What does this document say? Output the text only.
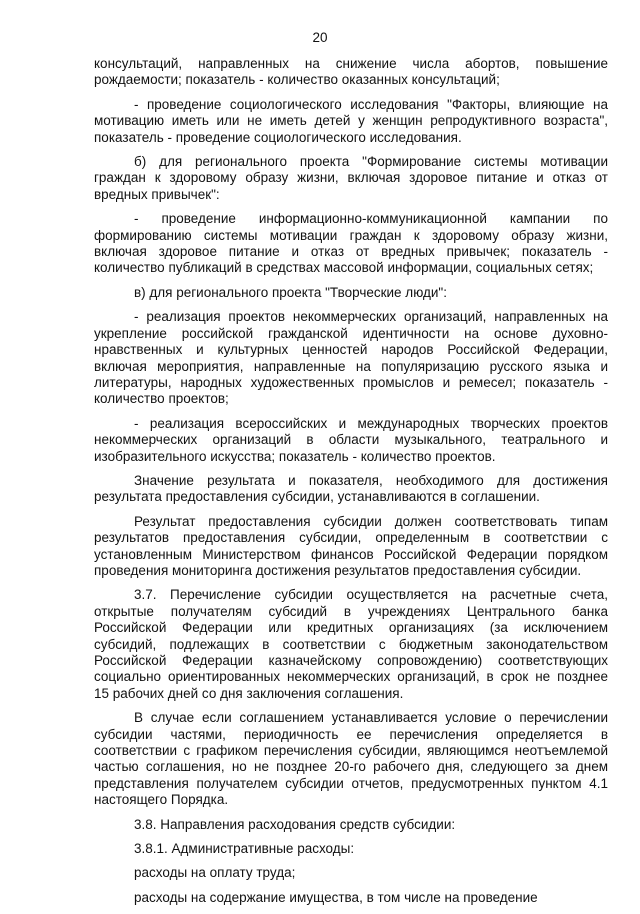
20
консультаций, направленных на снижение числа абортов, повышение
рождаемости; показатель - количество оказанных консультаций;
- проведение социологического исследования "Факторы, влияющие на
мотивацию иметь или не иметь детей у женщин репродуктивного возраста",
показатель - проведение социологического исследования.
б) для регионального проекта "Формирование системы мотивации
граждан к здоровому образу жизни, включая здоровое питание и отказ от
вредных привычек":
- проведение информационно-коммуникационной кампании по
формированию системы мотивации граждан к здоровому образу жизни,
включая здоровое питание и отказ от вредных привычек; показатель -
количество публикаций в средствах массовой информации, социальных сетях;
в) для регионального проекта "Творческие люди":
- реализация проектов некоммерческих организаций, направленных на
укрепление российской гражданской идентичности на основе духовно-
нравственных и культурных ценностей народов Российской Федерации,
включая мероприятия, направленные на популяризацию русского языка и
литературы, народных художественных промыслов и ремесел; показатель -
количество проектов;
- реализация всероссийских и международных творческих проектов
некоммерческих организаций в области музыкального, театрального и
изобразительного искусства; показатель - количество проектов.
Значение результата и показателя, необходимого для достижения
результата предоставления субсидии, устанавливаются в соглашении.
Результат предоставления субсидии должен соответствовать типам
результатов предоставления субсидии, определенным в соответствии с
установленным Министерством финансов Российской Федерации порядком
проведения мониторинга достижения результатов предоставления субсидии.
3.7. Перечисление субсидии осуществляется на расчетные счета,
открытые получателям субсидий в учреждениях Центрального банка
Российской Федерации или кредитных организациях (за исключением
субсидий, подлежащих в соответствии с бюджетным законодательством
Российской Федерации казначейскому сопровождению) соответствующих
социально ориентированных некоммерческих организаций, в срок не позднее
15 рабочих дней со дня заключения соглашения.
В случае если соглашением устанавливается условие о перечислении
субсидии частями, периодичность ее перечисления определяется в
соответствии с графиком перечисления субсидии, являющимся неотъемлемой
частью соглашения, но не позднее 20-го рабочего дня, следующего за днем
представления получателем субсидии отчетов, предусмотренных пунктом 4.1
настоящего Порядка.
3.8. Направления расходования средств субсидии:
3.8.1. Административные расходы:
расходы на оплату труда;
расходы на содержание имущества, в том числе на проведение
